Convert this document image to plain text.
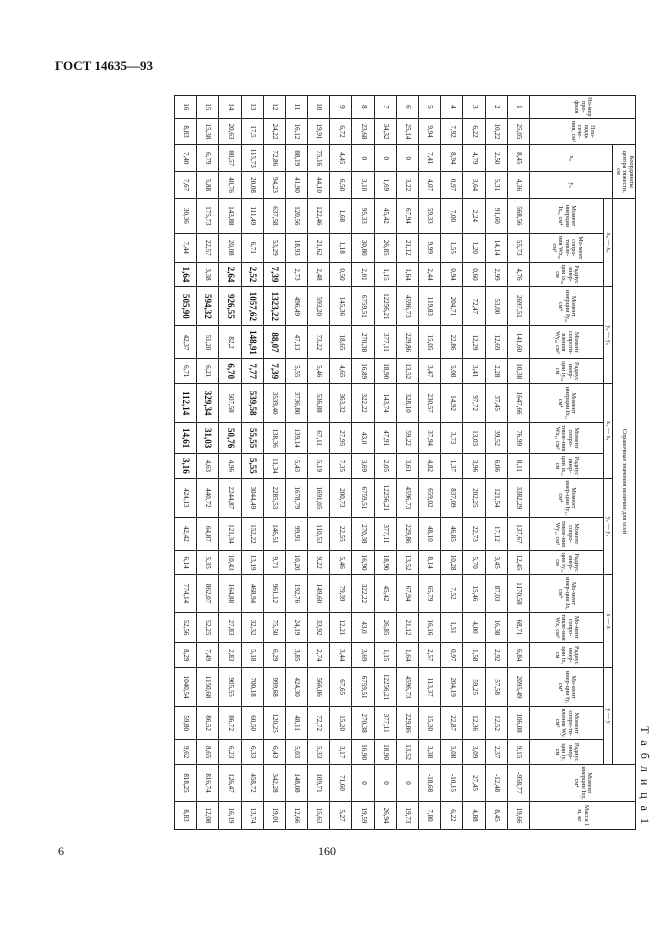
ГОСТ 14635—93
Т а б л и ц а 1
Но-мер про-филя	Пло-щадь сече-ния, см²	Координаты центра тяжести, см		Справочные значения величин для осей																		Момент инерции Ixy, см⁴	Масса 1 м, кг
		x₀	y₀	x₀ — x₀			y₀ — y₀			x₁ — x₁			y₁ — y₁			x — x			y — y				
				Момент инерции Ix₀, см⁴	Мо-мент сопро-тивле-ния Wx₀, см³	Радиус инер-ции ix₀, см	Момент инерции Iy₀, см⁴	Момент сопроти-вления Wy₀, см³	Радиус инер-ции iy₀, см	Момент инерции Ix₁, см⁴	Момент сопро-тивле-ния Wx₁, см³	Радиус инер-ции ix₁, см	Момент инер-ции Iy₁, см⁴	Момент сопро-тивле-ния Wy₁, см³	Радиус инер-ции iy₁, см	Мо-мент инер-ции Ix, см⁴	Мо-мент сопро-тивле-ния Wx, см³	Радиус инер-ции ix, см	Мо-мент инер-ции Iy, см⁴	Момент сопро-ти-вления Wy, см³	Радиус инер-ции iy, см		
1	25,05	8,45	4,36	568,56	55,73	4,76	2697,51	141,60	10,38	1647,66	76,99	8,11	3382,29	137,67	12,45	1170,58	68,71	6,84	2095,49	106,08	9,15	-958,77	19,66
2	10,22	2,50	5,31	91,60	14,14	2,99	53,00	12,69	2,28	37,45	39,52	6,06	121,54	17,12	3,45	87,03	16,38	2,92	57,58	12,52	2,37	-12,48	8,45
3	6,22	4,79	3,64	2,24	1,20	0,60	72,47	12,29	3,41	97,72	13,03	3,96	202,25	22,73	5,70	15,46	4,00	1,58	59,25	12,36	3,09	27,45	4,88
4	7,92	8,94	0,97	7,00	1,55	0,94	204,71	22,86	5,08	14,92	3,73	1,37	837,09	46,85	10,28	7,52	1,51	0,97	204,19	22,87	5,08	-10,15	6,22
5	9,94	7,41	4,07	59,33	9,99	2,44	119,83	15,05	3,47	230,57	37,94	4,82	659,02	48,10	8,14	65,79	16,16	2,57	113,37	15,30	3,38	-18,68	7,80
6	25,14	0	3,22	67,94	21,12	1,64	4596,73	229,86	13,52	328,10	59,22	3,61	4596,73	229,86	13,52	67,94	21,12	1,64	4596,73	229,86	13,52	0	19,73
7	34,32	0	1,69	45,42	26,85	1,15	12256,21	377,11	18,90	143,74	47,91	2,05	12256,21	377,11	18,90	45,42	26,85	1,15	12256,21	377,11	18,90	0	26,94
8	23,68	0	3,10	95,33	30,80	2,01	6759,51	270,38	16,89	322,22	43,0	3,69	6759,51	270,38	16,90	322,22	43,0	3,69	6759,51	270,38	16,90	0	19,59
9	6,72	4,45	6,50	1,68	1,18	0,50	145,36	18,65	4,65	363,32	27,95	7,35	200,73	22,55	5,46	79,39	12,21	3,44	67,65	15,20	3,17	71,60	5,27
10	19,91	75,16	44,10	122,46	21,62	2,48	593,20	73,22	5,46	536,88	67,11	5,19	1691,05	110,53	9,22	149,60	33,92	2,74	566,06	72,72	5,33	109,71	15,63
11	16,12	88,19	41,90	120,56	18,93	2,73	496,49	47,13	5,55	3736,80	139,14	5,43	1678,79	99,91	10,20	192,76	24,19	3,85	424,30	48,11	5,03	148,08	12,66
12	24,22	72,86	94,23	637,58	53,29	7,39	1323,22	88,07	7,39	3539,40	138,36	11,34	2285,53	146,51	9,71	961,12	75,50	6,29	999,68	120,25	6,43	342,28	19,01
13	17,5	115,73	20,08	111,49	6,71	2,52	1057,62	148,91	7,77	539,58	55,55	5,55	3044,49	152,22	13,19	468,94	32,32	5,18	700,18	60,50	6,33	458,72	13,74
14	20,63	80,57	40,76	143,88	20,08	2,64	926,55	82,2	6,70	507,58	50,76	4,96	2244,87	121,34	10,43	164,88	27,83	2,83	905,55	86,72	6,23	126,47	16,19
15	15,38	6,79	5,88	175,73	22,57	3,38	594,32	51,20	6,21	329,34	31,03	4,63	440,72	64,87	5,35	862,07	52,25	7,49	1150,68	86,52	8,65	816,74	12,08
16	8,83	7,40	7,67	30,36	7,44	1,64	505,90	42,37	6,71	112,14	14,61	3,16	424,13	42,42	6,14	774,14	52,56	8,29	1040,54	59,80	9,62	818,25	8,83
6	160
